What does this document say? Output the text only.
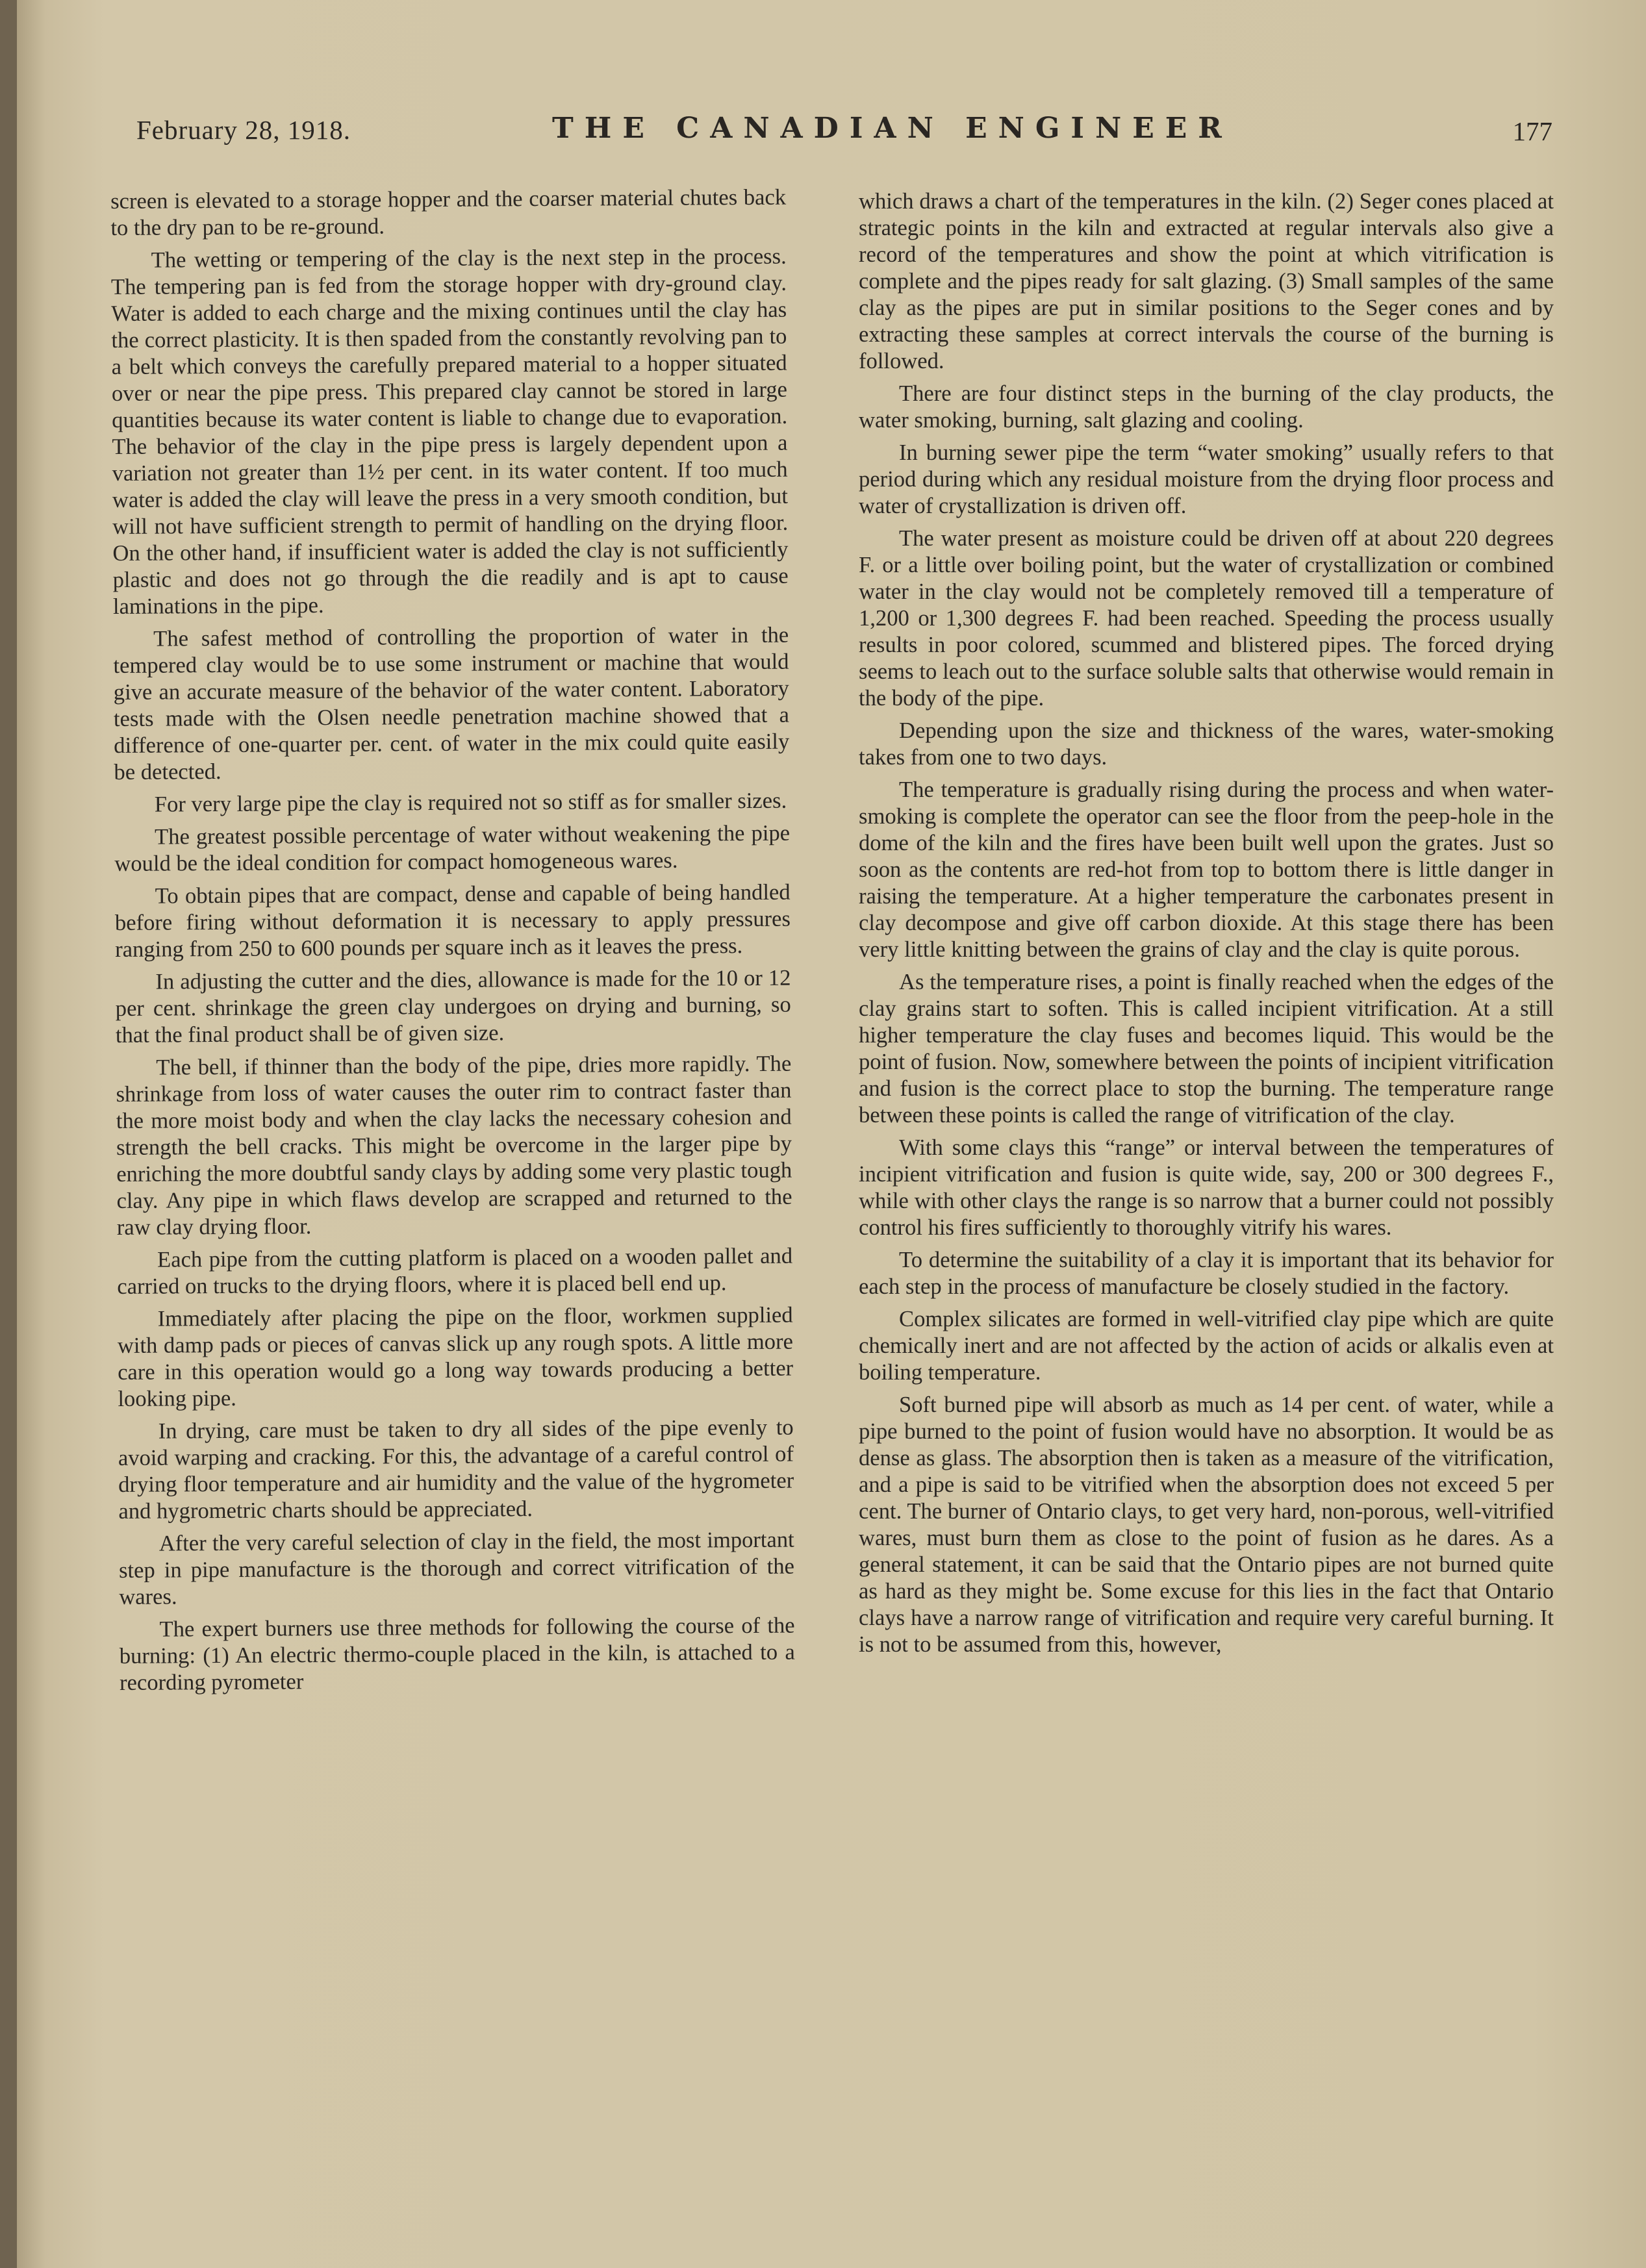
February 28, 1918.	THE CANADIAN ENGINEER	177

screen is elevated to a storage hopper and the coarser material chutes back to the dry pan to be re-ground.

The wetting or tempering of the clay is the next step in the process. The tempering pan is fed from the storage hopper with dry-ground clay. Water is added to each charge and the mixing continues until the clay has the correct plasticity. It is then spaded from the constantly revolving pan to a belt which conveys the carefully prepared material to a hopper situated over or near the pipe press. This prepared clay cannot be stored in large quantities because its water content is liable to change due to evaporation. The behavior of the clay in the pipe press is largely dependent upon a variation not greater than 1½ per cent. in its water content. If too much water is added the clay will leave the press in a very smooth condition, but will not have sufficient strength to permit of handling on the drying floor. On the other hand, if insufficient water is added the clay is not sufficiently plastic and does not go through the die readily and is apt to cause laminations in the pipe.

The safest method of controlling the proportion of water in the tempered clay would be to use some instrument or machine that would give an accurate measure of the behavior of the water content. Laboratory tests made with the Olsen needle penetration machine showed that a difference of one-quarter per. cent. of water in the mix could quite easily be detected.

For very large pipe the clay is required not so stiff as for smaller sizes.

The greatest possible percentage of water without weakening the pipe would be the ideal condition for compact homogeneous wares.

To obtain pipes that are compact, dense and capable of being handled before firing without deformation it is necessary to apply pressures ranging from 250 to 600 pounds per square inch as it leaves the press.

In adjusting the cutter and the dies, allowance is made for the 10 or 12 per cent. shrinkage the green clay undergoes on drying and burning, so that the final product shall be of given size.

The bell, if thinner than the body of the pipe, dries more rapidly. The shrinkage from loss of water causes the outer rim to contract faster than the more moist body and when the clay lacks the necessary cohesion and strength the bell cracks. This might be overcome in the larger pipe by enriching the more doubtful sandy clays by adding some very plastic tough clay. Any pipe in which flaws develop are scrapped and returned to the raw clay drying floor.

Each pipe from the cutting platform is placed on a wooden pallet and carried on trucks to the drying floors, where it is placed bell end up.

Immediately after placing the pipe on the floor, workmen supplied with damp pads or pieces of canvas slick up any rough spots. A little more care in this operation would go a long way towards producing a better looking pipe.

In drying, care must be taken to dry all sides of the pipe evenly to avoid warping and cracking. For this, the advantage of a careful control of drying floor temperature and air humidity and the value of the hygrometer and hygrometric charts should be appreciated.

After the very careful selection of clay in the field, the most important step in pipe manufacture is the thorough and correct vitrification of the wares.

The expert burners use three methods for following the course of the burning: (1) An electric thermo-couple placed in the kiln, is attached to a recording pyrometer

which draws a chart of the temperatures in the kiln. (2) Seger cones placed at strategic points in the kiln and extracted at regular intervals also give a record of the temperatures and show the point at which vitrification is complete and the pipes ready for salt glazing. (3) Small samples of the same clay as the pipes are put in similar positions to the Seger cones and by extracting these samples at correct intervals the course of the burning is followed.

There are four distinct steps in the burning of the clay products, the water smoking, burning, salt glazing and cooling.

In burning sewer pipe the term “water smoking” usually refers to that period during which any residual moisture from the drying floor process and water of crystallization is driven off.

The water present as moisture could be driven off at about 220 degrees F. or a little over boiling point, but the water of crystallization or combined water in the clay would not be completely removed till a temperature of 1,200 or 1,300 degrees F. had been reached. Speeding the process usually results in poor colored, scummed and blistered pipes. The forced drying seems to leach out to the surface soluble salts that otherwise would remain in the body of the pipe.

Depending upon the size and thickness of the wares, water-smoking takes from one to two days.

The temperature is gradually rising during the process and when water-smoking is complete the operator can see the floor from the peep-hole in the dome of the kiln and the fires have been built well upon the grates. Just so soon as the contents are red-hot from top to bottom there is little danger in raising the temperature. At a higher temperature the carbonates present in clay decompose and give off carbon dioxide. At this stage there has been very little knitting between the grains of clay and the clay is quite porous.

As the temperature rises, a point is finally reached when the edges of the clay grains start to soften. This is called incipient vitrification. At a still higher temperature the clay fuses and becomes liquid. This would be the point of fusion. Now, somewhere between the points of incipient vitrification and fusion is the correct place to stop the burning. The temperature range between these points is called the range of vitrification of the clay.

With some clays this “range” or interval between the temperatures of incipient vitrification and fusion is quite wide, say, 200 or 300 degrees F., while with other clays the range is so narrow that a burner could not possibly control his fires sufficiently to thoroughly vitrify his wares.

To determine the suitability of a clay it is important that its behavior for each step in the process of manufacture be closely studied in the factory.

Complex silicates are formed in well-vitrified clay pipe which are quite chemically inert and are not affected by the action of acids or alkalis even at boiling temperature.

Soft burned pipe will absorb as much as 14 per cent. of water, while a pipe burned to the point of fusion would have no absorption. It would be as dense as glass. The absorption then is taken as a measure of the vitrification, and a pipe is said to be vitrified when the absorption does not exceed 5 per cent. The burner of Ontario clays, to get very hard, non-porous, well-vitrified wares, must burn them as close to the point of fusion as he dares. As a general statement, it can be said that the Ontario pipes are not burned quite as hard as they might be. Some excuse for this lies in the fact that Ontario clays have a narrow range of vitrification and require very careful burning. It is not to be assumed from this, however,
